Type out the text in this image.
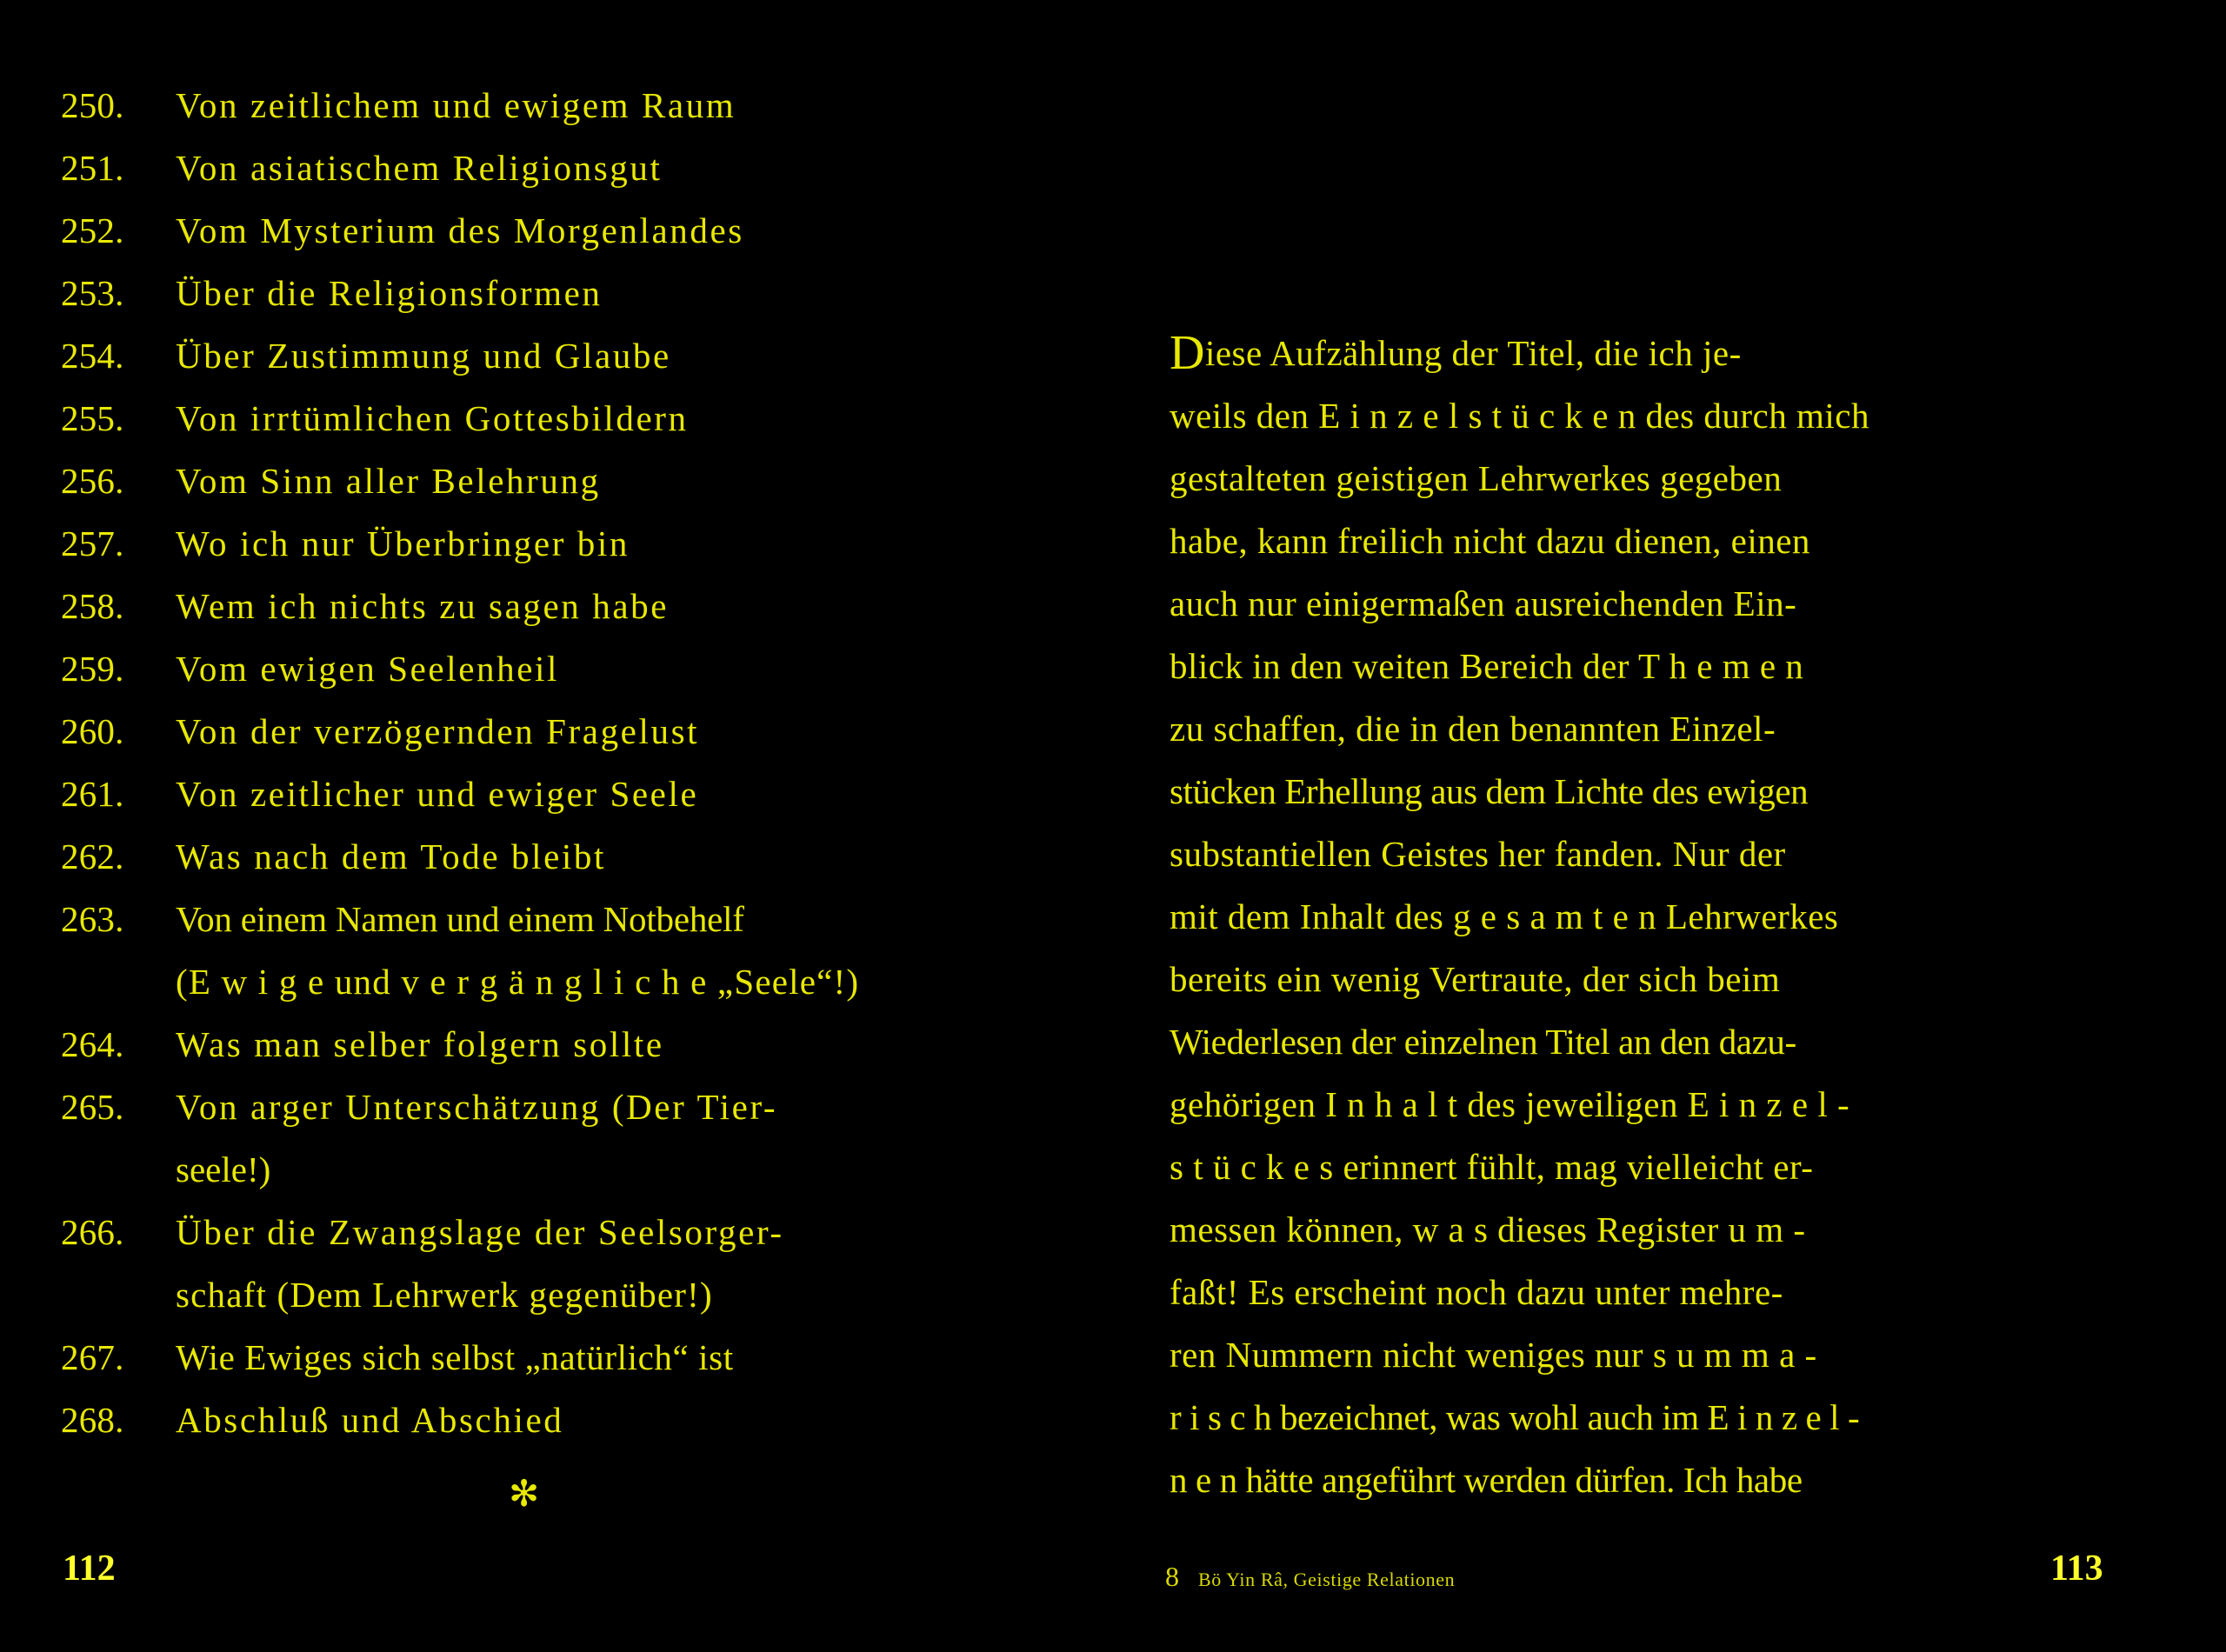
250.	Von zeitlichem und ewigem Raum
251.	Von asiatischem Religionsgut
252.	Vom Mysterium des Morgenlandes
253.	Über die Religionsformen
254.	Über Zustimmung und Glaube
255.	Von irrtümlichen Gottesbildern
256.	Vom Sinn aller Belehrung
257.	Wo ich nur Überbringer bin
258.	Wem ich nichts zu sagen habe
259.	Vom ewigen Seelenheil
260.	Von der verzögernden Fragelust
261.	Von zeitlicher und ewiger Seele
262.	Was nach dem Tode bleibt
263.	Von einem Namen und einem Notbehelf
(E w i g e und v e r g ä n g l i c h e „Seele“!)
264.	Was man selber folgern sollte
265.	Von arger Unterschätzung (Der Tier-
seele!)
266.	Über die Zwangslage der Seelsorger-
schaft (Dem Lehrwerk gegenüber!)
267.	Wie Ewiges sich selbst „natürlich“ ist
268.	Abschluß und Abschied
✻
112
Diese Aufzählung der Titel, die ich je-
weils den E i n z e l s t ü c k e n des durch mich
gestalteten geistigen Lehrwerkes gegeben
habe, kann freilich nicht dazu dienen, einen
auch nur einigermaßen ausreichenden Ein-
blick in den weiten Bereich der T h e m e n
zu schaffen, die in den benannten Einzel-
stücken Erhellung aus dem Lichte des ewigen
substantiellen Geistes her fanden. Nur der
mit dem Inhalt des g e s a m t e n Lehrwerkes
bereits ein wenig Vertraute, der sich beim
Wiederlesen der einzelnen Titel an den dazu-
gehörigen I n h a l t des jeweiligen E i n z e l -
s t ü c k e s erinnert fühlt, mag vielleicht er-
messen können, w a s dieses Register u m -
faßt! Es erscheint noch dazu unter mehre-
ren Nummern nicht weniges nur s u m m a -
r i s c h bezeichnet, was wohl auch im E i n z e l -
n e n hätte angeführt werden dürfen. Ich habe
8 Bö Yin Râ, Geistige Relationen	113
